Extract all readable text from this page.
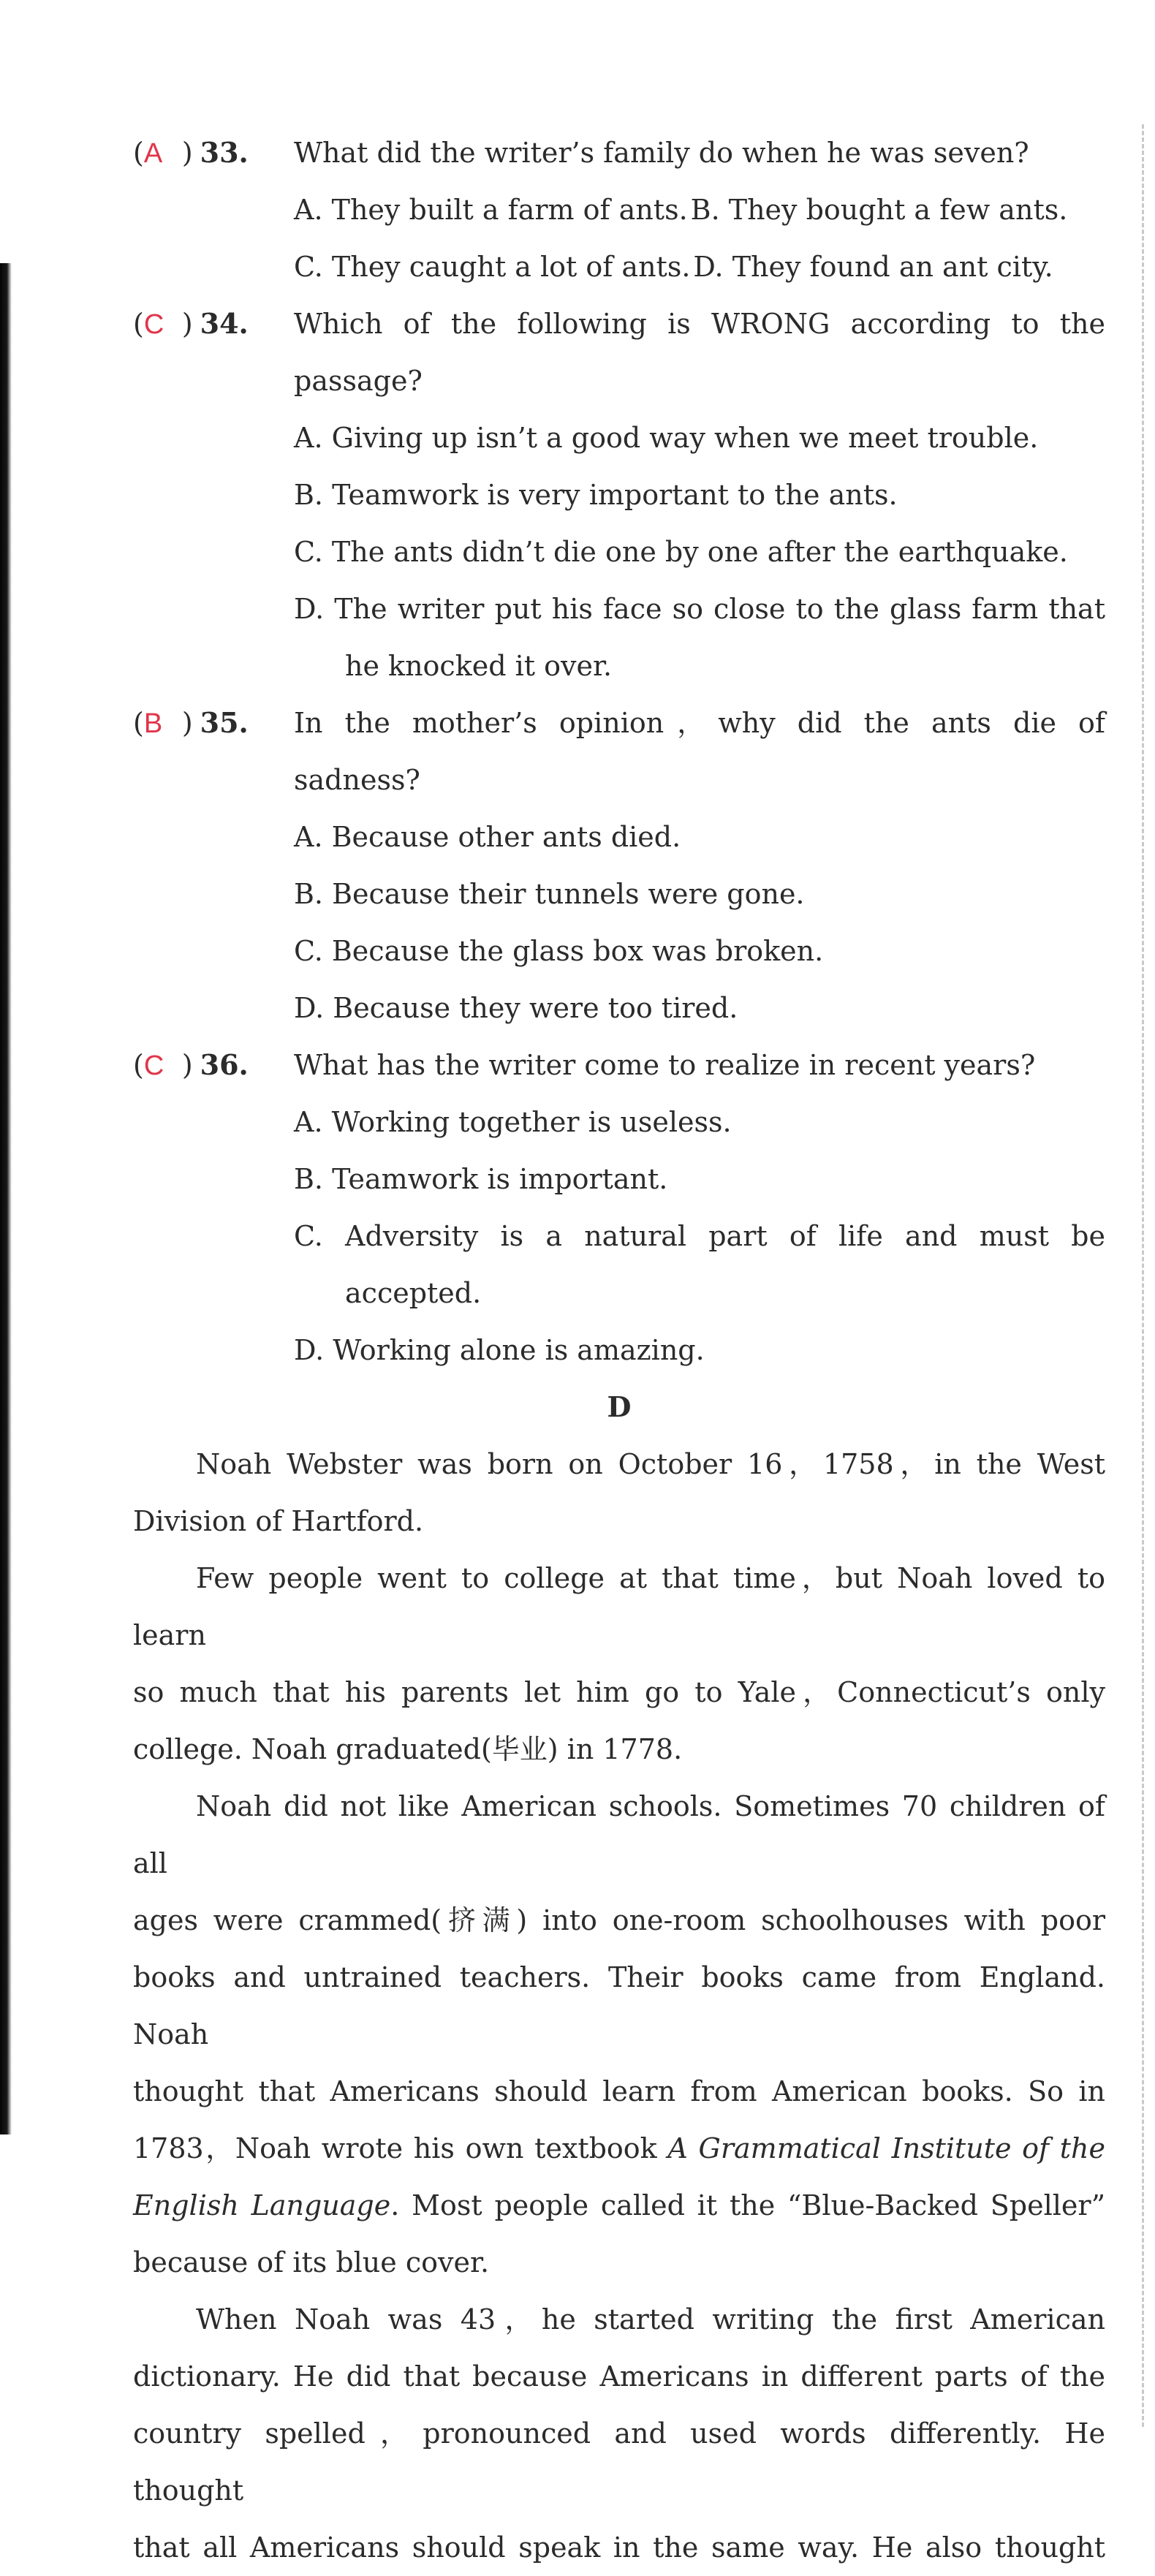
(A ) 33.	What did the writer’s family do when he was seven?
A. They built a farm of ants. B. They bought a few ants.
C. They caught a lot of ants. D. They found an ant city.
(C ) 34.	Which of the following is WRONG according to the
passage?
A. Giving up isn’t a good way when we meet trouble.
B. Teamwork is very important to the ants.
C. The ants didn’t die one by one after the earthquake.
D. The writer put his face so close to the glass farm that
he knocked it over.
(B ) 35.	In the mother’s opinion，why did the ants die of sadness?
A. Because other ants died.
B. Because their tunnels were gone.
C. Because the glass box was broken.
D. Because they were too tired.
(C ) 36.	What has the writer come to realize in recent years?
A. Working together is useless.
B. Teamwork is important.
C. Adversity is a natural part of life and must be
accepted.
D. Working alone is amazing.
D
Noah Webster was born on October 16，1758，in the West
Division of Hartford.
Few people went to college at that time，but Noah loved to learn
so much that his parents let him go to Yale，Connecticut’s only
college. Noah graduated(毕业) in 1778.
Noah did not like American schools. Sometimes 70 children of all
ages were crammed(挤满) into one-room schoolhouses with poor
books and untrained teachers. Their books came from England. Noah
thought that Americans should learn from American books. So in
1783，Noah wrote his own textbook A Grammatical Institute of the
English Language. Most people called it the “Blue-Backed Speller”
because of its blue cover.
When Noah was 43，he started writing the first American
dictionary. He did that because Americans in different parts of the
country spelled，pronounced and used words differently. He thought
that all Americans should speak in the same way. He also thought
